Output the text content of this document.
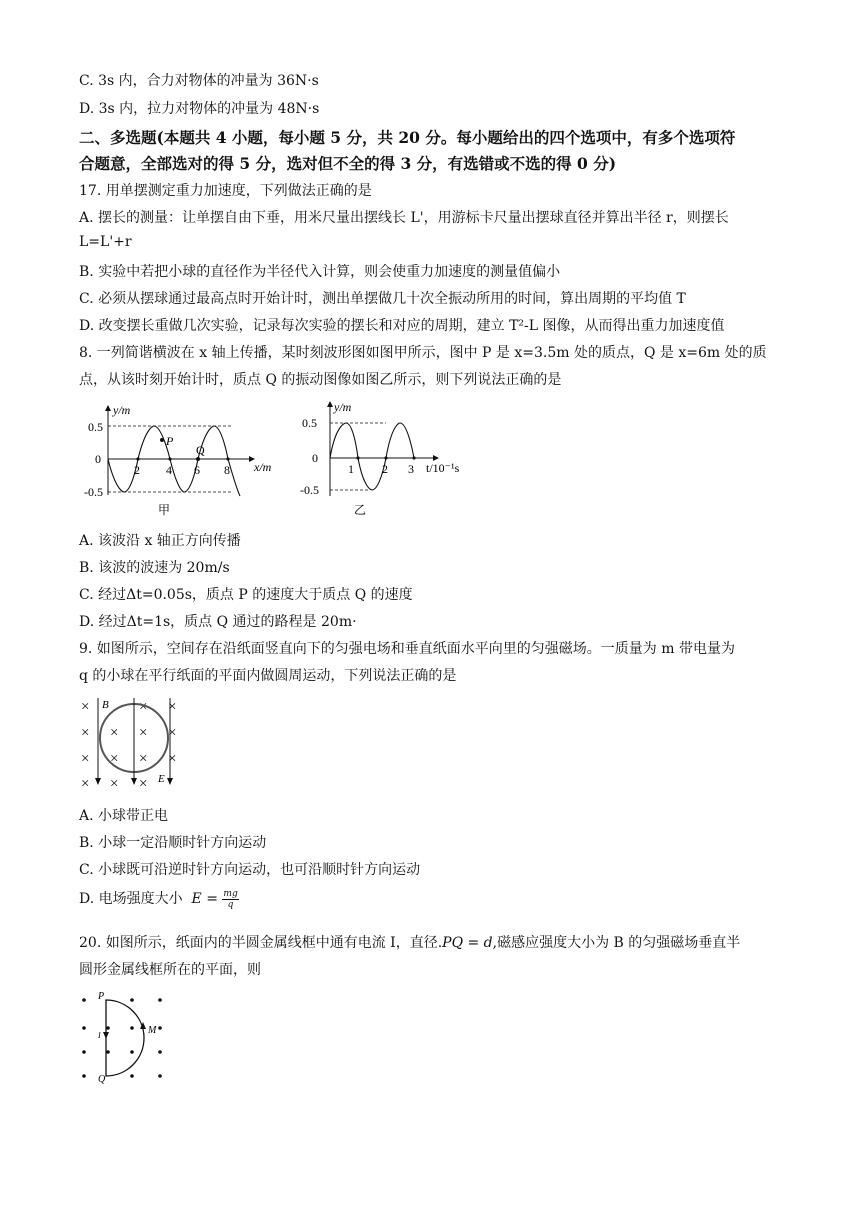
C. 3s 内，合力对物体的冲量为 36N·s
D. 3s 内，拉力对物体的冲量为 48N·s
二、多选题(本题共 4 小题，每小题 5 分，共 20 分。每小题给出的四个选项中，有多个选项符
合题意，全部选对的得 5 分，选对但不全的得 3 分，有选错或不选的得 0 分)
17. 用单摆测定重力加速度，下列做法正确的是
A. 摆长的测量：让单摆自由下垂，用米尺量出摆线长 L'，用游标卡尺量出摆球直径并算出半径 r，则摆长
L=L'+r
B. 实验中若把小球的直径作为半径代入计算，则会使重力加速度的测量值偏小
C. 必须从摆球通过最高点时开始计时，测出单摆做几十次全振动所用的时间，算出周期的平均值 T
D. 改变摆长重做几次实验，记录每次实验的摆长和对应的周期，建立 T²-L 图像，从而得出重力加速度值
8. 一列简谐横波在 x 轴上传播，某时刻波形图如图甲所示，图中 P 是 x=3.5m 处的质点，Q 是 x=6m 处的质
点，从该时刻开始计时，质点 Q 的振动图像如图乙所示，则下列说法正确的是
y/m
x/m
0.5
0
-0.5
2 4 6 8
P
Q
甲
y/m
t/10⁻¹s
0.5
0
-0.5
1 2 3
乙
A. 该波沿 x 轴正方向传播
B. 该波的波速为 20m/s
C. 经过Δt=0.05s，质点 P 的速度大于质点 Q 的速度
D. 经过Δt=1s，质点 Q 通过的路程是 20m·
9. 如图所示，空间存在沿纸面竖直向下的匀强电场和垂直纸面水平向里的匀强磁场。一质量为 m 带电量为
q 的小球在平行纸面的平面内做圆周运动，下列说法正确的是
×	× ×
× × × ×
× × × ×
× × ×
B
E
A. 小球带正电
B. 小球一定沿顺时针方向运动
C. 小球既可沿逆时针方向运动，也可沿顺时针方向运动
D. 电场强度大小 $E = \frac{mg}{q}$
20. 如图所示，纸面内的半圆金属线框中通有电流 I，直径.PQ = d,磁感应强度大小为 B 的匀强磁场垂直半
圆形金属线框所在的平面，则
P
Q
M
I
